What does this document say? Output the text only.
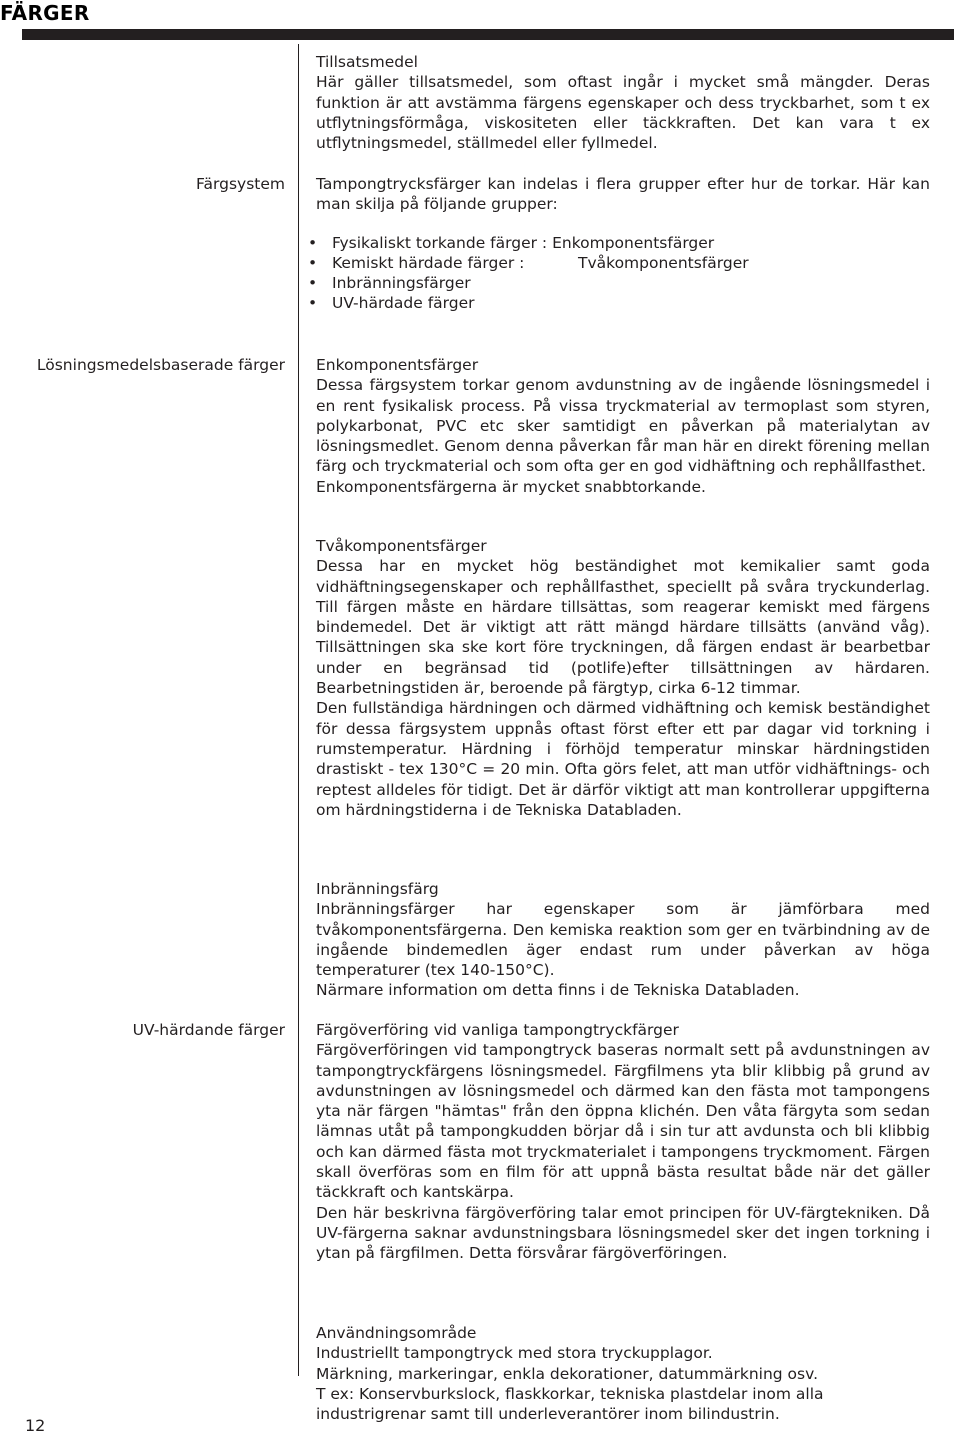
FÄRGER
Färgsystem
Lösningsmedelsbaserade färger
UV-härdande färger

Tillsatsmedel

Här gäller tillsatsmedel, som oftast ingår i mycket små mängder. Deras funktion är att avstämma färgens egenskaper och dess tryckbarhet, som t ex utflytningsförmåga, viskositeten eller täckkraften. Det kan vara t ex utflytningsmedel, ställmedel eller fyllmedel.

Tampongtrycksfärger kan indelas i flera grupper efter hur de torkar. Här kan man skilja på följande grupper:

• Fysikaliskt torkande färger :
Enkomponentsfärger
• Kemiskt härdade färger :	Tvåkomponentsfärger
• Inbränningsfärger
• UV-härdade färger

Enkomponentsfärger

Dessa färgsystem torkar genom avdunstning av de ingående lösningsmedel i en rent fysikalisk process. På vissa tryckmaterial av termoplast som styren, polykarbonat, PVC etc sker samtidigt en påverkan på materialytan av lösningsmedlet. Genom denna påverkan får man här en direkt förening mellan färg och tryckmaterial och som ofta ger en god vidhäftning och rephållfasthet.

Enkomponentsfärgerna är mycket snabbtorkande.

Tvåkomponentsfärger

Dessa har en mycket hög beständighet mot kemikalier samt goda vidhäftningsegenskaper och rephållfasthet, speciellt på svåra tryckunderlag. Till färgen måste en härdare tillsättas, som reagerar kemiskt med färgens bindemedel. Det är viktigt att rätt mängd härdare tillsätts (använd våg). Tillsättningen ska ske kort före tryckningen, då färgen endast är bearbetbar under en begränsad tid (potlife)efter tillsättningen av härdaren. Bearbetningstiden är, beroende på färgtyp, cirka 6-12 timmar.

Den fullständiga härdningen och därmed vidhäftning och kemisk beständighet för dessa färgsystem uppnås oftast först efter ett par dagar vid torkning i rumstemperatur. Härdning i förhöjd temperatur minskar härdningstiden drastiskt - tex 130°C = 20 min. Ofta görs felet, att man utför vidhäftnings- och reptest alldeles för tidigt. Det är därför viktigt att man kontrollerar uppgifterna om härdningstiderna i de Tekniska Databladen.

Inbränningsfärg

Inbränningsfärger har egenskaper som är jämförbara med tvåkomponentsfärgerna. Den kemiska reaktion som ger en tvärbindning av de ingående bindemedlen äger endast rum under påverkan av höga temperaturer (tex 140-150°C).

Närmare information om detta finns i de Tekniska Databladen.

Färgöverföring vid vanliga tampongtryckfärger

Färgöverföringen vid tampongtryck baseras normalt sett på avdunstningen av tampongtryckfärgens lösningsmedel. Färgfilmens yta blir klibbig på grund av avdunstningen av lösningsmedel och därmed kan den fästa mot tampongens yta när färgen "hämtas" från den öppna klichén. Den våta färgyta som sedan lämnas utåt på tampongkudden börjar då i sin tur att avdunsta och bli klibbig och kan därmed fästa mot tryckmaterialet i tampongens tryckmoment. Färgen skall överföras som en film för att uppnå bästa resultat både när det gäller täckkraft och kantskärpa.

Den här beskrivna färgöverföring talar emot principen för UV-färgtekniken. Då UV-färgerna saknar avdunstningsbara lösningsmedel sker det ingen torkning i ytan på färgfilmen. Detta försvårar färgöverföringen.

Användningsområde

Industriellt tampongtryck med stora tryckupplagor.

Märkning, markeringar, enkla dekorationer, datummärkning osv.

T ex: Konservburkslock, flaskkorkar, tekniska plastdelar inom alla industrigrenar samt till underleverantörer inom bilindustrin.

12
